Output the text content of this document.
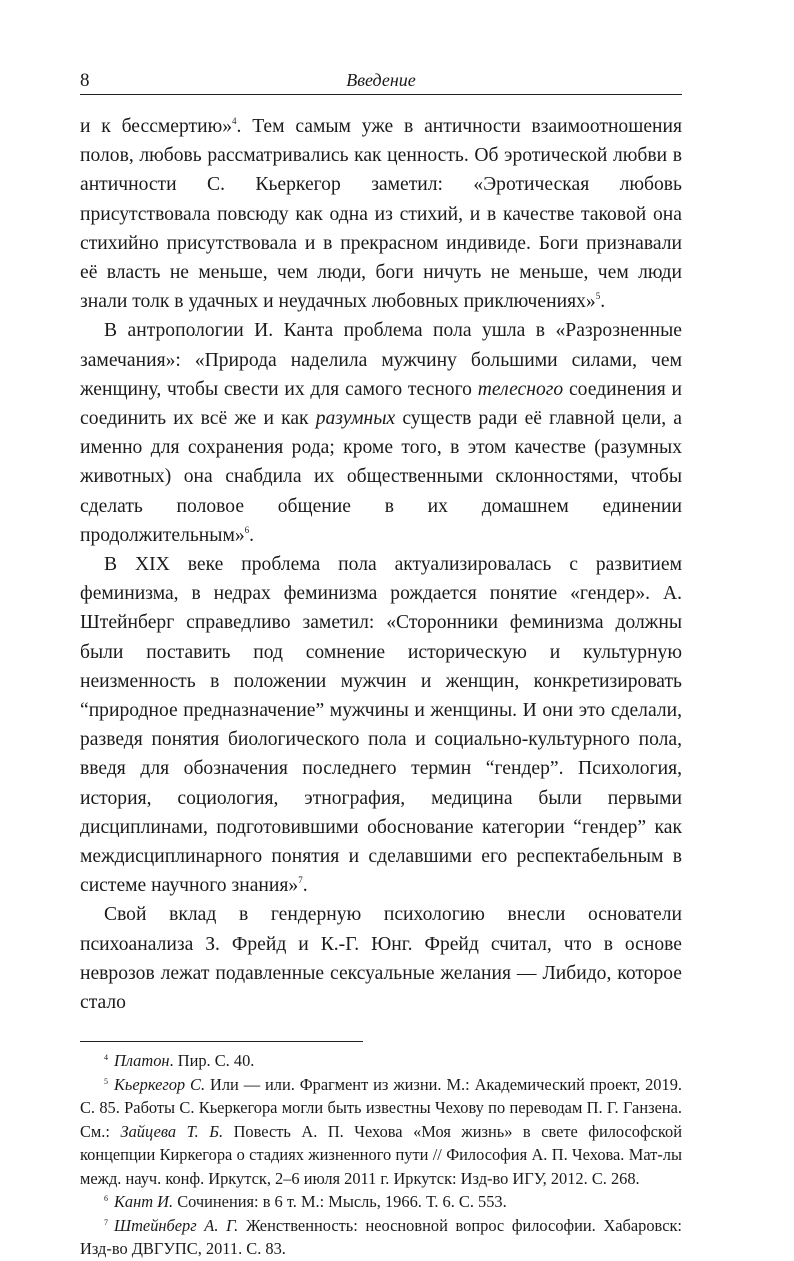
8	Введение

и к бессмертию»$^4$. Тем самым уже в античности взаимоотношения полов, любовь рассматривались как ценность. Об эротической любви в античности С. Кьеркегор заметил: «Эротическая любовь присутствовала повсюду как одна из стихий, и в качестве таковой она стихийно присутствовала и в прекрасном индивиде. Боги признавали её власть не меньше, чем люди, боги ничуть не меньше, чем люди знали толк в удачных и неудачных любовных приключениях»$^5$.

В антропологии И. Канта проблема пола ушла в «Разрозненные замечания»: «Природа наделила мужчину большими силами, чем женщину, чтобы свести их для самого тесного телесного соединения и соединить их всё же и как разумных существ ради её главной цели, а именно для сохранения рода; кроме того, в этом качестве (разумных животных) она снабдила их общественными склонностями, чтобы сделать половое общение в их домашнем единении продолжительным»$^6$.

В XIX веке проблема пола актуализировалась с развитием феминизма, в недрах феминизма рождается понятие «гендер». А. Штейнберг справедливо заметил: «Сторонники феминизма должны были поставить под сомнение историческую и культурную неизменность в положении мужчин и женщин, конкретизировать “природное предназначение” мужчины и женщины. И они это сделали, разведя понятия биологического пола и социально-культурного пола, введя для обозначения последнего термин “гендер”. Психология, история, социология, этнография, медицина были первыми дисциплинами, подготовившими обоснование категории “гендер” как междисциплинарного понятия и сделавшими его респектабельным в системе научного знания»$^7$.

Свой вклад в гендерную психологию внесли основатели психоанализа З. Фрейд и К.-Г. Юнг. Фрейд считал, что в основе неврозов лежат подавленные сексуальные желания — Либидо, которое стало

$^4$ Платон. Пир. С. 40.

$^5$ Кьеркегор С. Или — или. Фрагмент из жизни. М.: Академический проект, 2019. С. 85. Работы С. Кьеркегора могли быть известны Чехову по переводам П. Г. Ганзена. См.: Зайцева Т. Б. Повесть А. П. Чехова «Моя жизнь» в свете философской концепции Киркегора о стадиях жизненного пути // Философия А. П. Чехова. Мат-лы межд. науч. конф. Иркутск, 2–6 июля 2011 г. Иркутск: Изд-во ИГУ, 2012. С. 268.

$^6$ Кант И. Сочинения: в 6 т. М.: Мысль, 1966. Т. 6. С. 553.

$^7$ Штейнберг А. Г. Женственность: неосновной вопрос философии. Хабаровск: Изд-во ДВГУПС, 2011. С. 83.
